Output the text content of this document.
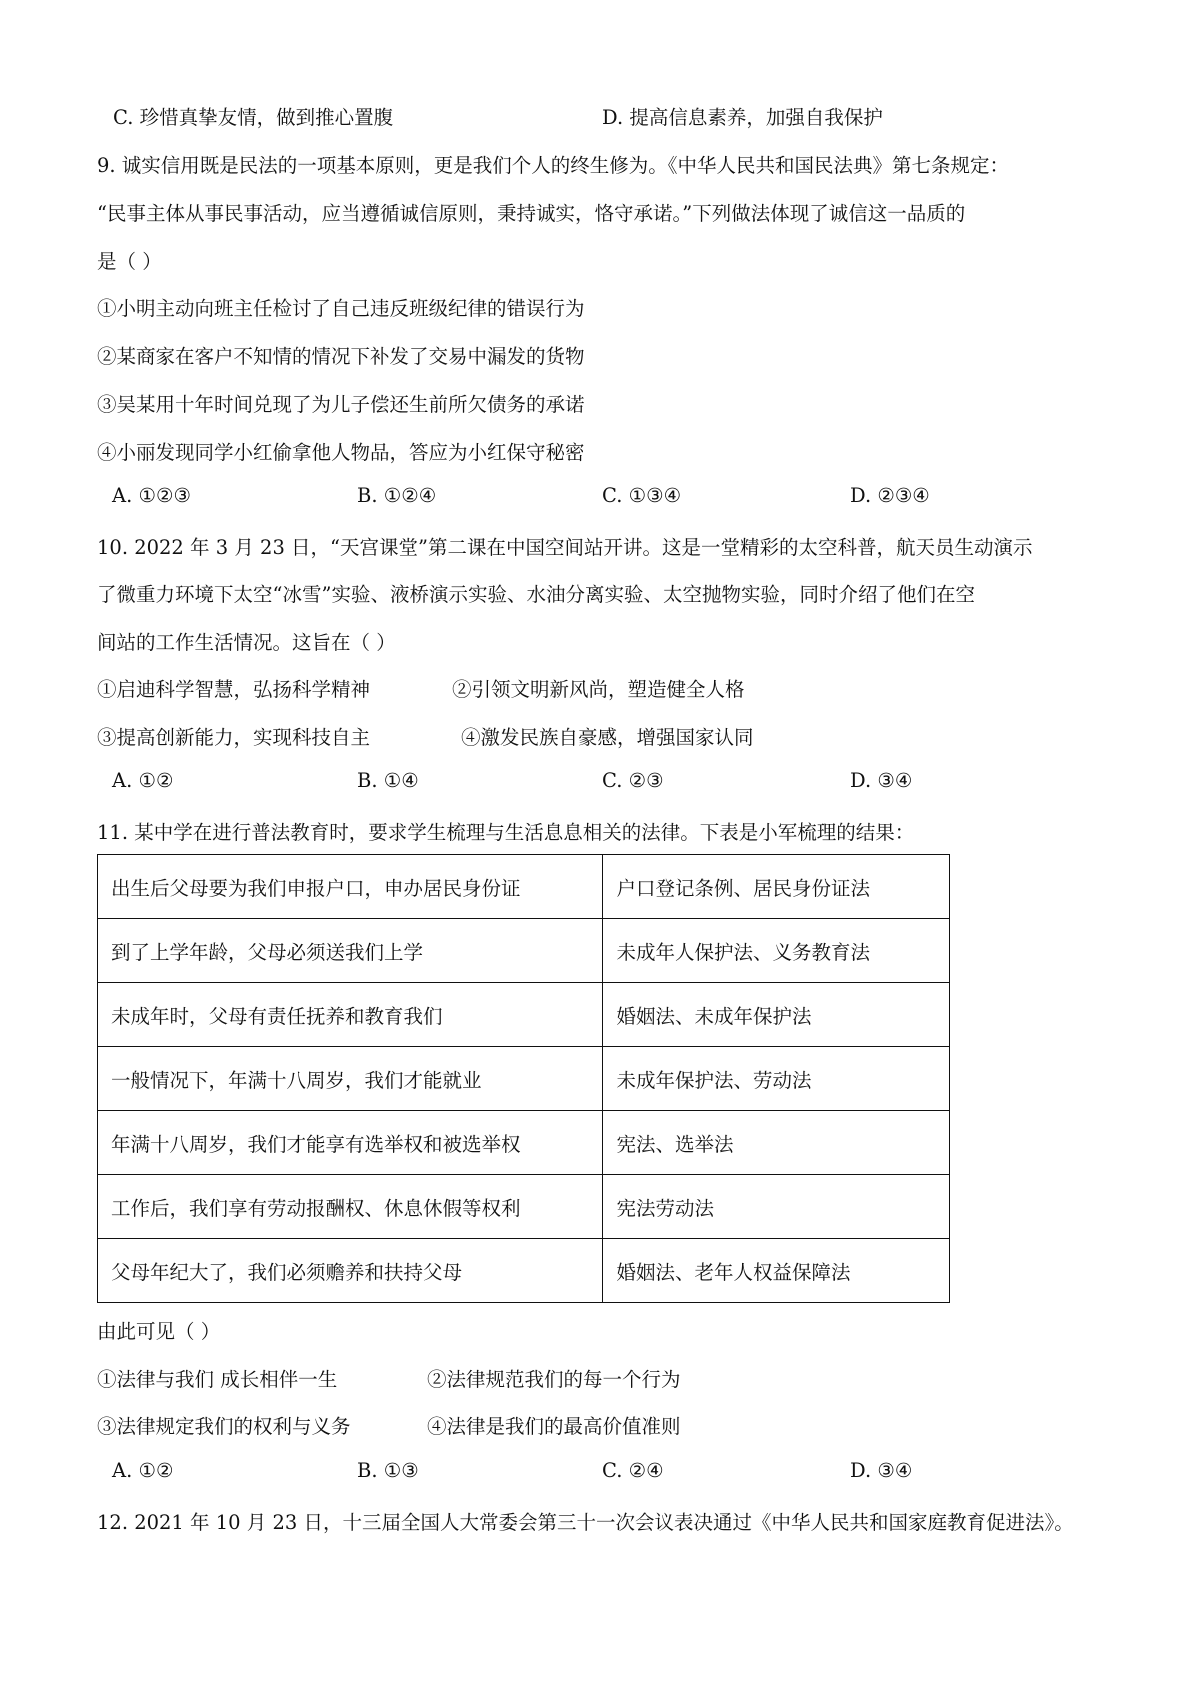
C. 珍惜真挚友情，做到推心置腹	D. 提高信息素养，加强自我保护
9. 诚实信用既是民法的一项基本原则，更是我们个人的终生修为。《中华人民共和国民法典》第七条规定：
“民事主体从事民事活动，应当遵循诚信原则，秉持诚实，恪守承诺。”下列做法体现了诚信这一品质的
是（ ）
①小明主动向班主任检讨了自己违反班级纪律的错误行为
②某商家在客户不知情的情况下补发了交易中漏发的货物
③吴某用十年时间兑现了为儿子偿还生前所欠债务的承诺
④小丽发现同学小红偷拿他人物品，答应为小红保守秘密
A. ①②③	B. ①②④	C. ①③④	D. ②③④
10. 2022 年 3 月 23 日，“天宫课堂”第二课在中国空间站开讲。这是一堂精彩的太空科普，航天员生动演示
了微重力环境下太空“冰雪”实验、液桥演示实验、水油分离实验、太空抛物实验，同时介绍了他们在空
间站的工作生活情况。这旨在（ ）
①启迪科学智慧，弘扬科学精神	②引领文明新风尚，塑造健全人格
③提高创新能力，实现科技自主	④激发民族自豪感，增强国家认同
A. ①②	B. ①④	C. ②③	D. ③④
11. 某中学在进行普法教育时，要求学生梳理与生活息息相关的法律。下表是小军梳理的结果：
出生后父母要为我们申报户口，申办居民身份证	户口登记条例、居民身份证法
到了上学年龄，父母必须送我们上学	未成年人保护法、义务教育法
未成年时，父母有责任抚养和教育我们	婚姻法、未成年保护法
一般情况下，年满十八周岁，我们才能就业	未成年保护法、劳动法
年满十八周岁，我们才能享有选举权和被选举权	宪法、选举法
工作后，我们享有劳动报酬权、休息休假等权利	宪法劳动法
父母年纪大了，我们必须赡养和扶持父母	婚姻法、老年人权益保障法
由此可见（ ）
①法律与我们 成长相伴一生	②法律规范我们的每一个行为
③法律规定我们的权利与义务	④法律是我们的最高价值准则
A. ①②	B. ①③	C. ②④	D. ③④
12. 2021 年 10 月 23 日，十三届全国人大常委会第三十一次会议表决通过《中华人民共和国家庭教育促进法》。
